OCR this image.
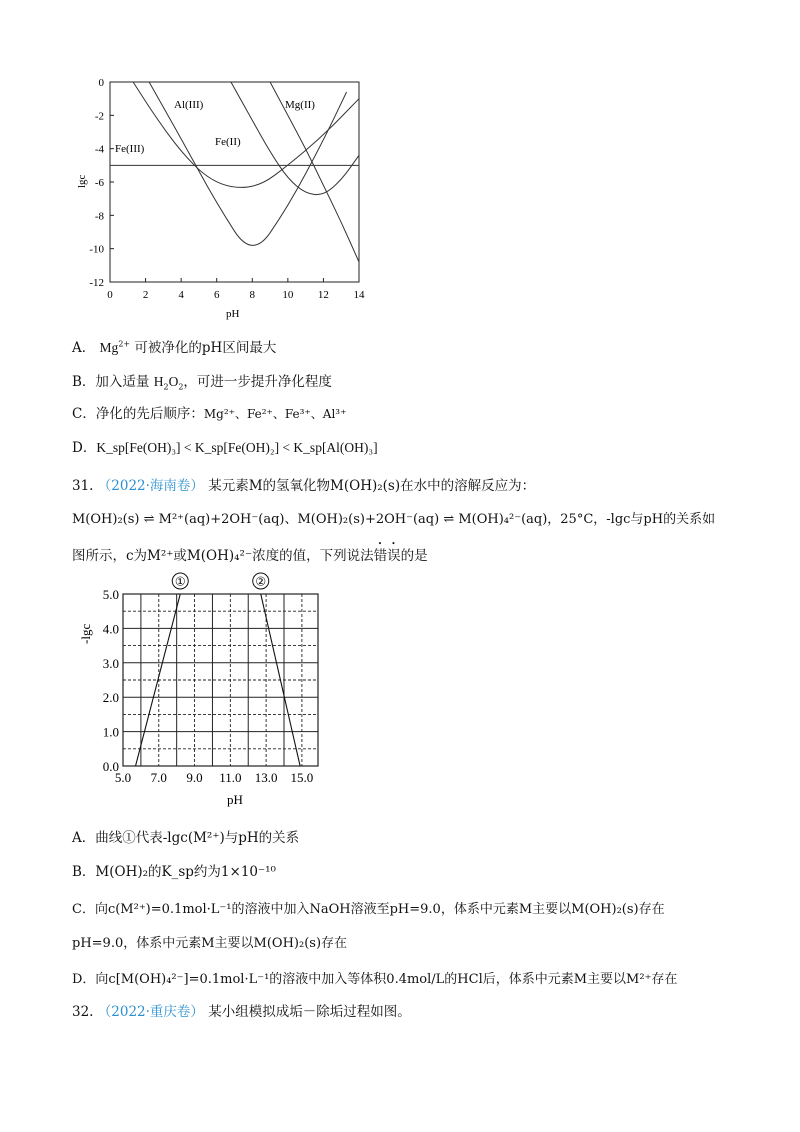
0	2	4	6	8 10 12 14
0
-2
-4
-6
-8
-10
-12
lgc
pH
Al(III)	Mg(II)
Fe(II)
Fe(III)
A． $Mg^{2+}$ 可被净化的pH区间最大
B．加入适量 $H_2O_2$，可进一步提升净化程度
C．净化的先后顺序：Mg²⁺、Fe²⁺、Fe³⁺、Al³⁺
D．K_sp[Fe(OH)₃] < K_sp[Fe(OH)₂] < K_sp[Al(OH)₃]
31. （2022·海南卷） 某元素M的氢氧化物M(OH)₂(s)在水中的溶解反应为：
M(OH)₂(s) ⇌ M²⁺(aq)+2OH⁻(aq)、M(OH)₂(s)+2OH⁻(aq) ⇌ M(OH)₄²⁻(aq)，25°C，-lgc与pH的关系如
图所示，c为M²⁺或M(OH)₄²⁻浓度的值，下列说法错误的是
5.0 7.0 9.0 11.0 13.0 15.0
0.0
1.0
2.0
3.0
4.0
5.0
①	②
-lgc
pH
A．曲线①代表-lgc(M²⁺)与pH的关系
B．M(OH)₂的K_sp约为1×10⁻¹⁰
C．向c(M²⁺)=0.1mol·L⁻¹的溶液中加入NaOH溶液至pH=9.0，体系中元素M主要以M(OH)₂(s)存在
pH=9.0，体系中元素M主要以M(OH)₂(s)存在
D．向c[M(OH)₄²⁻]=0.1mol·L⁻¹的溶液中加入等体积0.4mol/L的HCl后，体系中元素M主要以M²⁺存在
32. （2022·重庆卷） 某小组模拟成垢－除垢过程如图。
